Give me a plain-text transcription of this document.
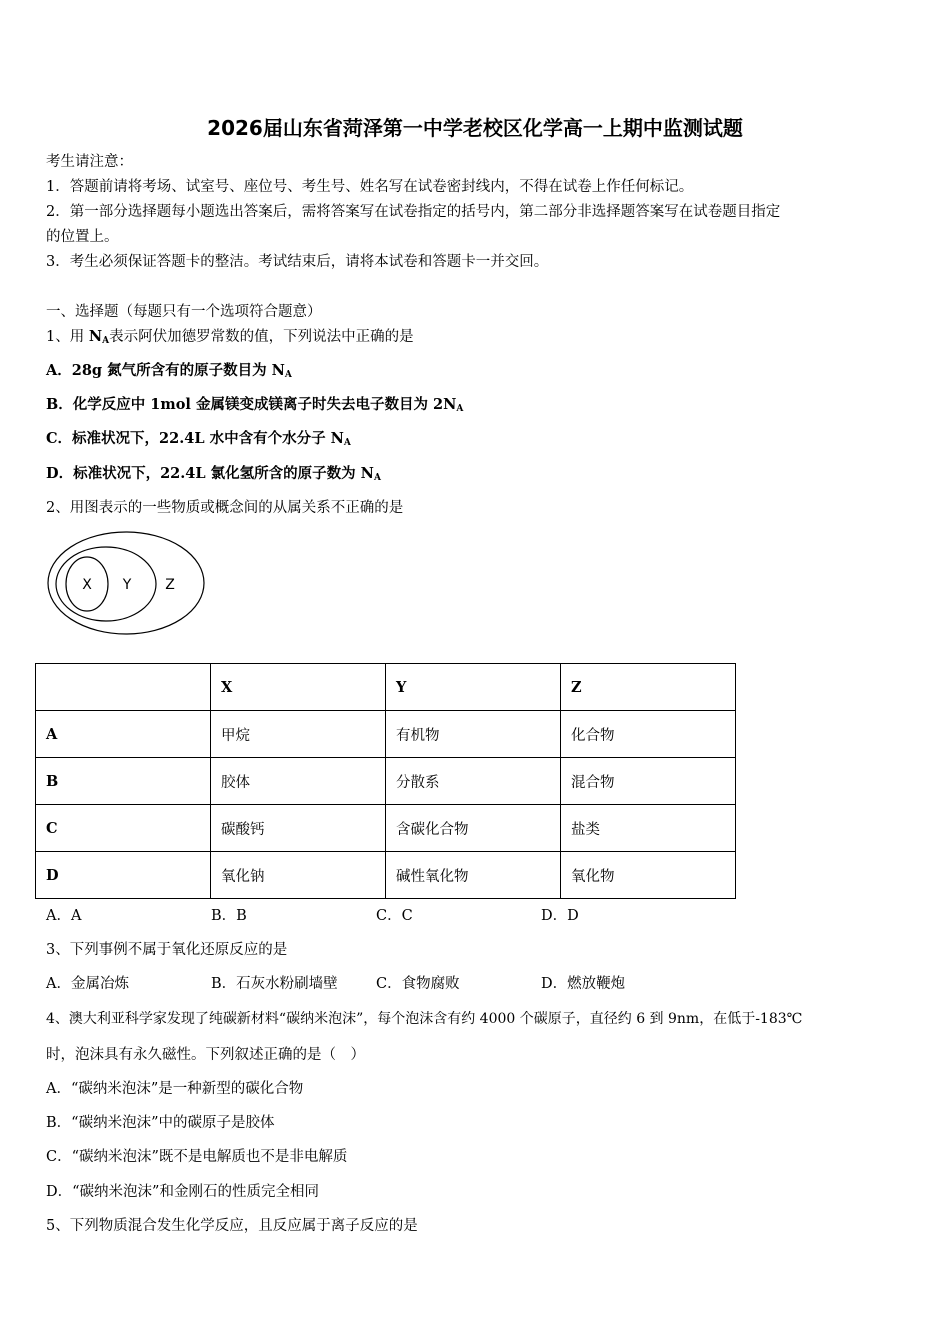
2026届山东省菏泽第一中学老校区化学高一上期中监测试题
考生请注意：
1．答题前请将考场、试室号、座位号、考生号、姓名写在试卷密封线内，不得在试卷上作任何标记。
2．第一部分选择题每小题选出答案后，需将答案写在试卷指定的括号内，第二部分非选择题答案写在试卷题目指定
的位置上。
3．考生必须保证答题卡的整洁。考试结束后，请将本试卷和答题卡一并交回。
一、选择题（每题只有一个选项符合题意）
1、用 $N_A$表示阿伏加德罗常数的值，下列说法中正确的是
A．28g 氮气所含有的原子数目为 $N_A$
B．化学反应中 1mol 金属镁变成镁离子时失去电子数目为 $2N_A$
C．标准状况下，22.4L 水中含有个水分子 $N_A$
D．标准状况下，22.4L 氯化氢所含的原子数为 $N_A$
2、用图表示的一些物质或概念间的从属关系不正确的是
X Y Z
	X	Y	Z
A	甲烷	有机物	化合物
B	胶体	分散系	混合物
C	碳酸钙	含碳化合物	盐类
D	氧化钠	碱性氧化物	氧化物
A．A	B．B	C．C	D．D
3、下列事例不属于氧化还原反应的是
A．金属冶炼	B．石灰水粉刷墙壁	C．食物腐败	D．燃放鞭炮
4、澳大利亚科学家发现了纯碳新材料“碳纳米泡沫”，每个泡沫含有约 4000 个碳原子，直径约 6 到 9nm，在低于-183℃
时，泡沫具有永久磁性。下列叙述正确的是（　）
A．“碳纳米泡沫”是一种新型的碳化合物
B．“碳纳米泡沫”中的碳原子是胶体
C．“碳纳米泡沫”既不是电解质也不是非电解质
D．“碳纳米泡沫”和金刚石的性质完全相同
5、下列物质混合发生化学反应，且反应属于离子反应的是
